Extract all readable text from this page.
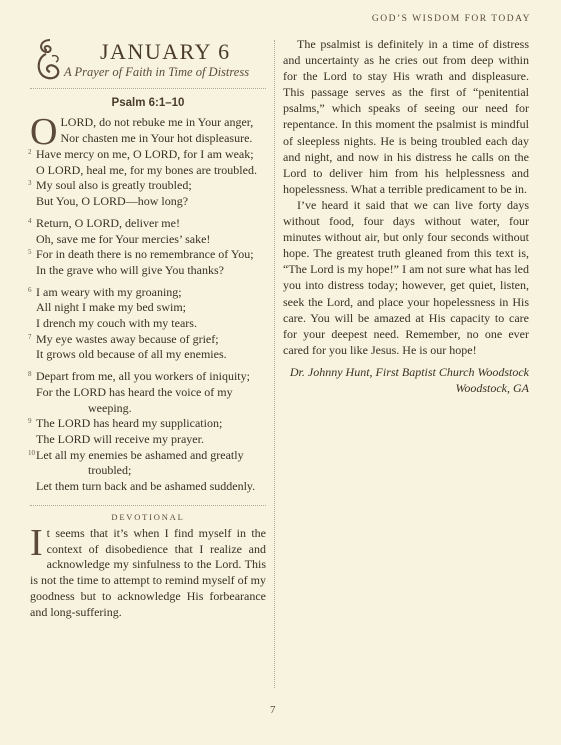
GOD’S WISDOM FOR TODAY
JANUARY 6
A Prayer of Faith in Time of Distress
Psalm 6:1–10
O LORD, do not rebuke me in Your anger,
Nor chasten me in Your hot displeasure.
2 Have mercy on me, O LORD, for I am weak;
O LORD, heal me, for my bones are troubled.
3 My soul also is greatly troubled;
But You, O LORD—how long?
4 Return, O LORD, deliver me!
Oh, save me for Your mercies’ sake!
5 For in death there is no remembrance of You;
In the grave who will give You thanks?
6 I am weary with my groaning;
All night I make my bed swim;
I drench my couch with my tears.
7 My eye wastes away because of grief;
It grows old because of all my enemies.
8 Depart from me, all you workers of iniquity;
For the LORD has heard the voice of my
weeping.
9 The LORD has heard my supplication;
The LORD will receive my prayer.
10 Let all my enemies be ashamed and greatly
troubled;
Let them turn back and be ashamed suddenly.
DEVOTIONAL
It seems that it’s when I find myself in the context of disobedience that I realize and acknowledge my sinfulness to the Lord. This is not the time to attempt to remind myself of my goodness but to acknowledge His forbearance and long-suffering.

The psalmist is definitely in a time of distress and uncertainty as he cries out from deep within for the Lord to stay His wrath and displeasure. This passage serves as the first of “penitential psalms,” which speaks of seeing our need for repentance. In this moment the psalmist is mindful of sleepless nights. He is being troubled each day and night, and now in his distress he calls on the Lord to deliver him from his helplessness and hopelessness. What a terrible predicament to be in.

I’ve heard it said that we can live forty days without food, four days without water, four minutes without air, but only four seconds without hope. The greatest truth gleaned from this text is, “The Lord is my hope!” I am not sure what has led you into distress today; however, get quiet, listen, seek the Lord, and place your hopelessness in His care. You will be amazed at His capacity to care for your deepest need. Remember, no one ever cared for you like Jesus. He is our hope!

Dr. Johnny Hunt, First Baptist Church Woodstock
Woodstock, GA
7
